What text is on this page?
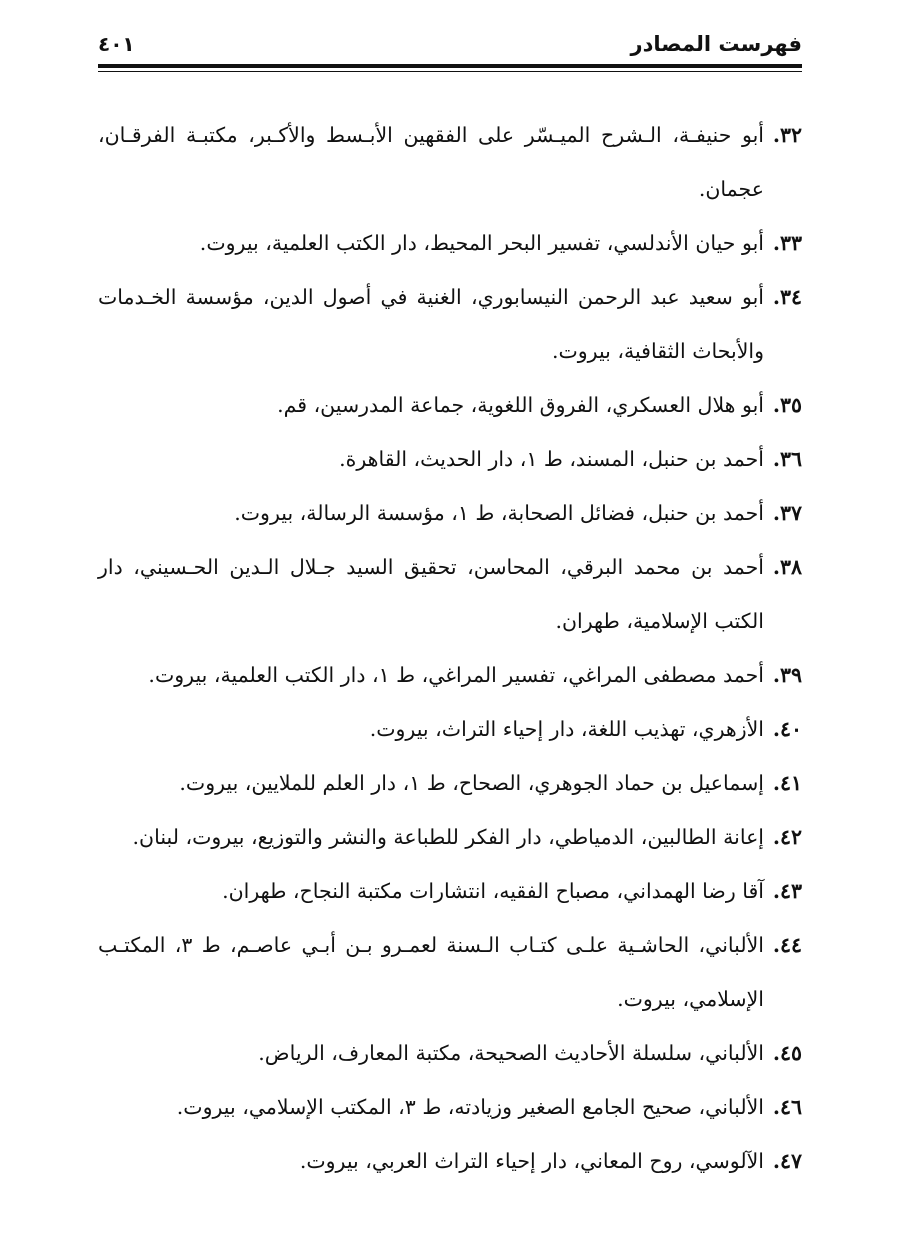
فهرست المصادر
٤٠١
٣٢.
أبو حنيفـة، الـشرح الميـسّر على الفقهين الأبـسط والأكـبر، مكتبـة الفرقـان، عجمان.
٣٣.
أبو حيان الأندلسي، تفسير البحر المحيط، دار الكتب العلمية، بيروت.
٣٤.
أبو سعيد عبد الرحمن النيسابوري، الغنية في أصول الدين، مؤسسة الخـدمات والأبحاث الثقافية، بيروت.
٣٥.
أبو هلال العسكري، الفروق اللغوية، جماعة المدرسين، قم.
٣٦.
أحمد بن حنبل، المسند، ط ١، دار الحديث، القاهرة.
٣٧.
أحمد بن حنبل، فضائل الصحابة، ط ١، مؤسسة الرسالة، بيروت.
٣٨.
أحمد بن محمد البرقي، المحاسن، تحقيق السيد جـلال الـدين الحـسيني، دار الكتب الإسلامية، طهران.
٣٩.
أحمد مصطفى المراغي، تفسير المراغي، ط ١، دار الكتب العلمية، بيروت.
٤٠.
الأزهري، تهذيب اللغة، دار إحياء التراث، بيروت.
٤١.
إسماعيل بن حماد الجوهري، الصحاح، ط ١، دار العلم للملايين، بيروت.
٤٢.
إعانة الطالبين، الدمياطي، دار الفكر للطباعة والنشر والتوزيع، بيروت، لبنان.
٤٣.
آقا رضا الهمداني، مصباح الفقيه، انتشارات مكتبة النجاح، طهران.
٤٤.
الألباني، الحاشـية علـى كتـاب الـسنة لعمـرو بـن أبـي عاصـم، ط ٣، المكتـب الإسلامي، بيروت.
٤٥.
الألباني، سلسلة الأحاديث الصحيحة، مكتبة المعارف، الرياض.
٤٦.
الألباني، صحيح الجامع الصغير وزيادته، ط ٣، المكتب الإسلامي، بيروت.
٤٧.
الآلوسي، روح المعاني، دار إحياء التراث العربي، بيروت.
